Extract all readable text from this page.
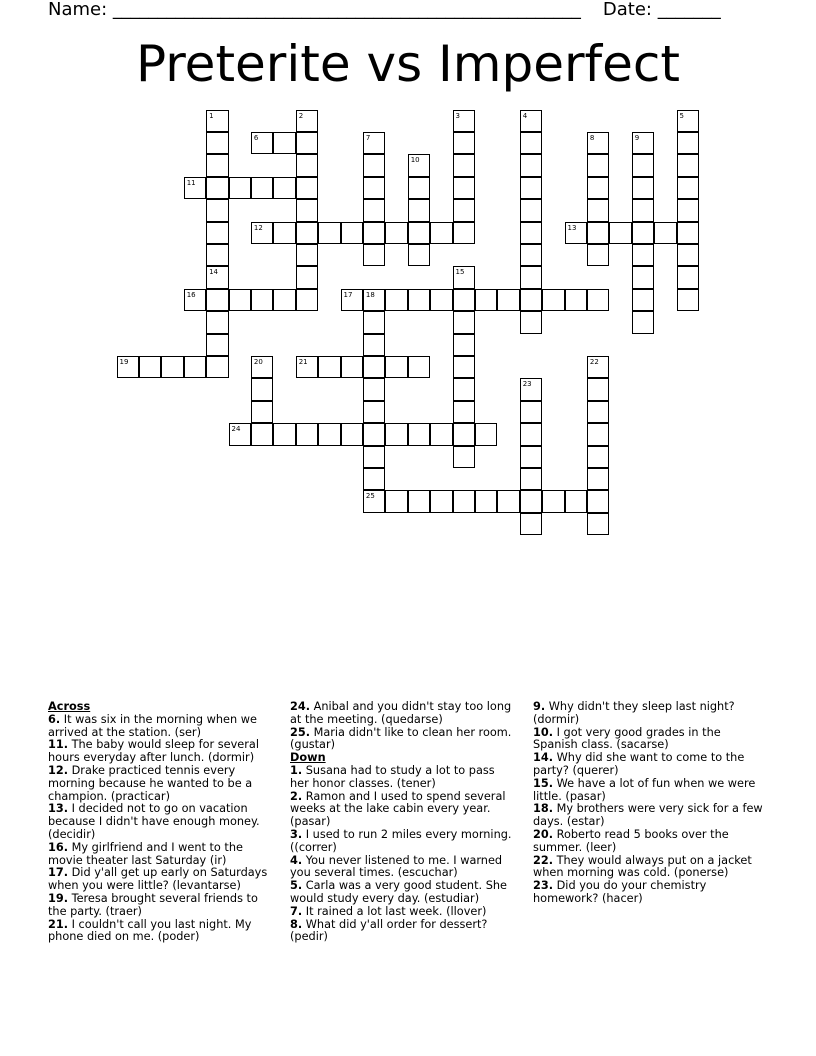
Name: ____________________________________________________ Date: _______
Preterite vs Imperfect
1
14
2	3	4	5
6	7	8	9
10
11
12	13
15
16	17 18
25
19	20	21	22
23
24
Across
6. It was six in the morning when we arrived at the station. (ser)
11. The baby would sleep for several hours everyday after lunch. (dormir)
12. Drake practiced tennis every morning because he wanted to be a champion. (practicar)
13. I decided not to go on vacation because I didn't have enough money. (decidir)
16. My girlfriend and I went to the movie theater last Saturday (ir)
17. Did y'all get up early on Saturdays when you were little? (levantarse)
19. Teresa brought several friends to the party. (traer)
21. I couldn't call you last night. My phone died on me. (poder)
24. Anibal and you didn't stay too long at the meeting. (quedarse)
25. Maria didn't like to clean her room. (gustar)
Down
1. Susana had to study a lot to pass her honor classes. (tener)
2. Ramon and I used to spend several weeks at the lake cabin every year. (pasar)
3. I used to run 2 miles every morning. ((correr)
4. You never listened to me. I warned you several times. (escuchar)
5. Carla was a very good student. She would study every day. (estudiar)
7. It rained a lot last week. (llover)
8. What did y'all order for dessert? (pedir)
9. Why didn't they sleep last night? (dormir)
10. I got very good grades in the Spanish class. (sacarse)
14. Why did she want to come to the party? (querer)
15. We have a lot of fun when we were little. (pasar)
18. My brothers were very sick for a few days. (estar)
20. Roberto read 5 books over the summer. (leer)
22. They would always put on a jacket when morning was cold. (ponerse)
23. Did you do your chemistry homework? (hacer)
